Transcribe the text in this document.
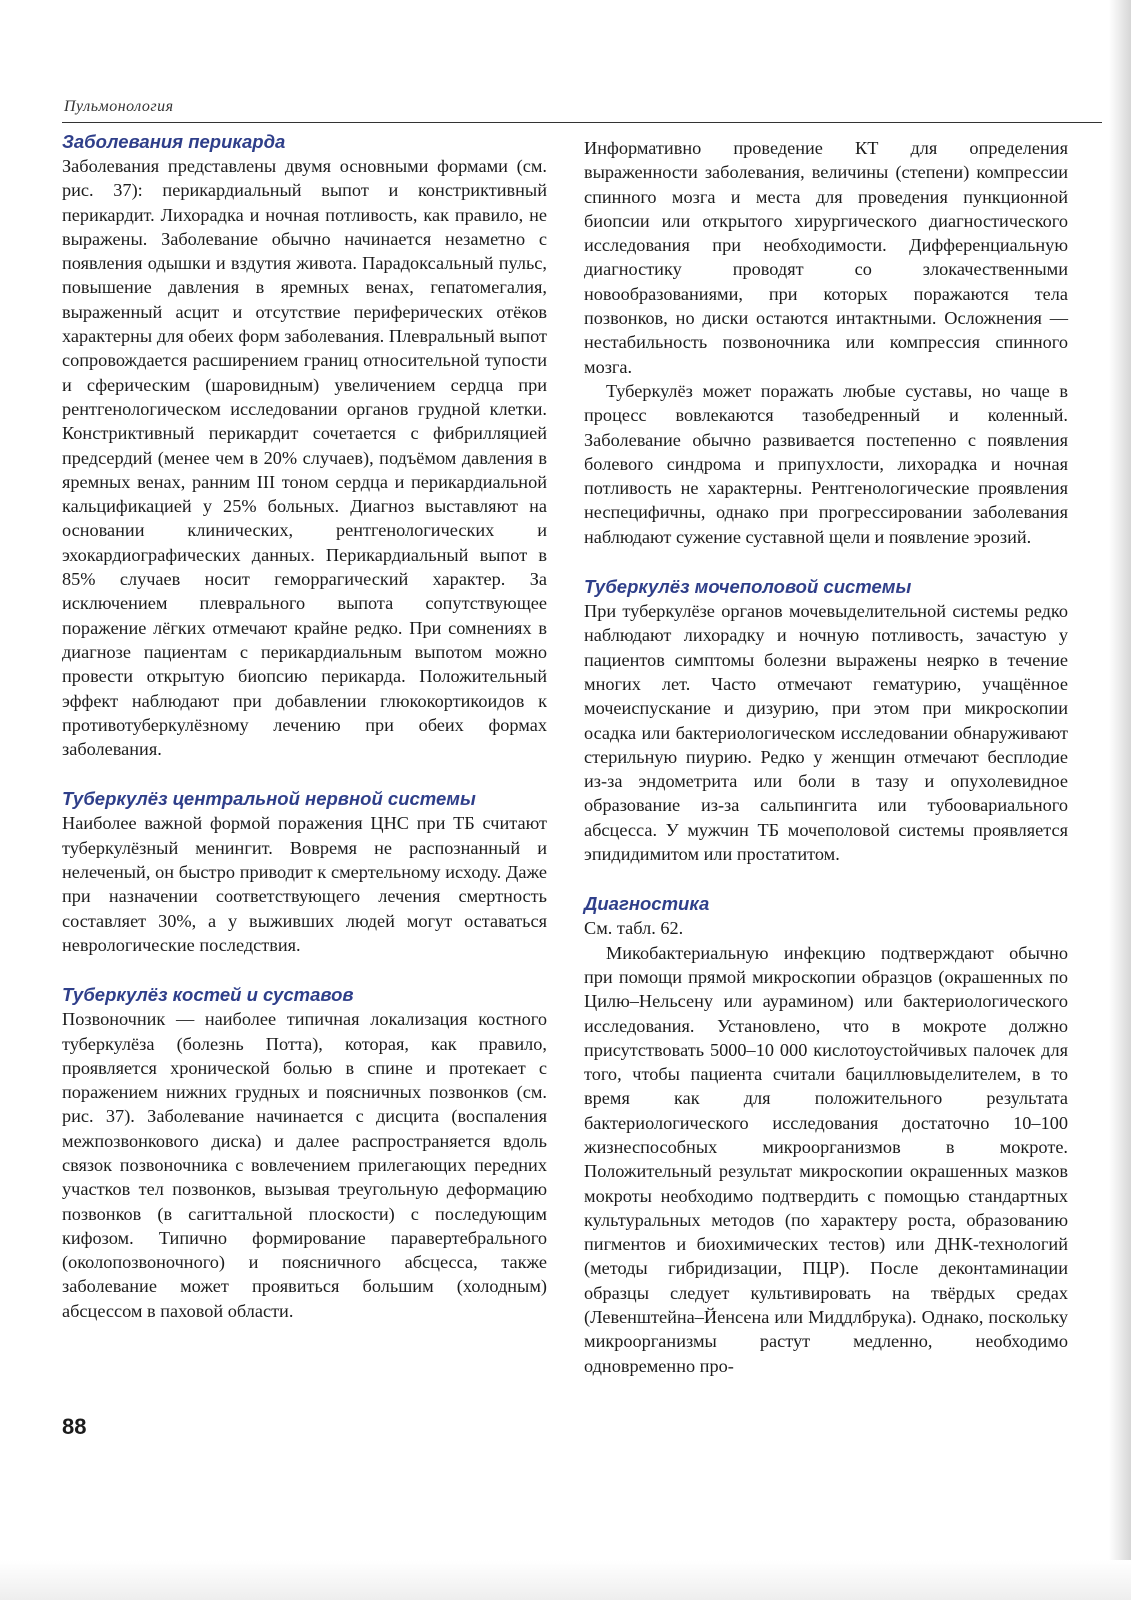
Пульмонология
Заболевания перикарда

Заболевания представлены двумя основными формами (см. рис. 37): перикардиальный выпот и констриктивный перикардит. Лихорадка и ночная потливость, как правило, не выражены. Заболевание обычно начинается незаметно с появления одышки и вздутия живота. Парадоксальный пульс, повышение давления в яремных венах, гепатомегалия, выраженный асцит и отсутствие периферических отёков характерны для обеих форм заболевания. Плевральный выпот сопровождается расширением границ относительной тупости и сферическим (шаровидным) увеличением сердца при рентгенологическом исследовании органов грудной клетки. Констриктивный перикардит сочетается с фибрилляцией предсердий (менее чем в 20% случаев), подъёмом давления в яремных венах, ранним III тоном сердца и перикардиальной кальцификацией у 25% больных. Диагноз выставляют на основании клинических, рентгенологических и эхокардиографических данных. Перикардиальный выпот в 85% случаев носит геморрагический характер. За исключением плеврального выпота сопутствующее поражение лёгких отмечают крайне редко. При сомнениях в диагнозе пациентам с перикардиальным выпотом можно провести открытую биопсию перикарда. Положительный эффект наблюдают при добавлении глюкокортикоидов к противотуберкулёзному лечению при обеих формах заболевания.

Туберкулёз центральной нервной системы

Наиболее важной формой поражения ЦНС при ТБ считают туберкулёзный менингит. Вовремя не распознанный и нелеченый, он быстро приводит к смертельному исходу. Даже при назначении соответствующего лечения смертность составляет 30%, а у выживших людей могут оставаться неврологические последствия.

Туберкулёз костей и суставов

Позвоночник — наиболее типичная локализация костного туберкулёза (болезнь Потта), которая, как правило, проявляется хронической болью в спине и протекает с поражением нижних грудных и поясничных позвонков (см. рис. 37). Заболевание начинается с дисцита (воспаления межпозвонкового диска) и далее распространяется вдоль связок позвоночника с вовлечением прилегающих передних участков тел позвонков, вызывая треугольную деформацию позвонков (в сагиттальной плоскости) с последующим кифозом. Типично формирование паравертебрального (околопозвоночного) и поясничного абсцесса, также заболевание может проявиться большим (холодным) абсцессом в паховой области.

Информативно проведение КТ для определения выраженности заболевания, величины (степени) компрессии спинного мозга и места для проведения пункционной биопсии или открытого хирургического диагностического исследования при необходимости. Дифференциальную диагностику проводят со злокачественными новообразованиями, при которых поражаются тела позвонков, но диски остаются интактными. Осложнения — нестабильность позвоночника или компрессия спинного мозга.

Туберкулёз может поражать любые суставы, но чаще в процесс вовлекаются тазобедренный и коленный. Заболевание обычно развивается постепенно с появления болевого синдрома и припухлости, лихорадка и ночная потливость не характерны. Рентгенологические проявления неспецифичны, однако при прогрессировании заболевания наблюдают сужение суставной щели и появление эрозий.

Туберкулёз мочеполовой системы

При туберкулёзе органов мочевыделительной системы редко наблюдают лихорадку и ночную потливость, зачастую у пациентов симптомы болезни выражены неярко в течение многих лет. Часто отмечают гематурию, учащённое мочеиспускание и дизурию, при этом при микроскопии осадка или бактериологическом исследовании обнаруживают стерильную пиурию. Редко у женщин отмечают бесплодие из-за эндометрита или боли в тазу и опухолевидное образование из-за сальпингита или тубоовариального абсцесса. У мужчин ТБ мочеполовой системы проявляется эпидидимитом или простатитом.

Диагностика

См. табл. 62.

Микобактериальную инфекцию подтверждают обычно при помощи прямой микроскопии образцов (окрашенных по Цилю–Нельсену или аурамином) или бактериологического исследования. Установлено, что в мокроте должно присутствовать 5000–10 000 кислотоустойчивых палочек для того, чтобы пациента считали бациллювыделителем, в то время как для положительного результата бактериологического исследования достаточно 10–100 жизнеспособных микроорганизмов в мокроте. Положительный результат микроскопии окрашенных мазков мокроты необходимо подтвердить с помощью стандартных культуральных методов (по характеру роста, образованию пигментов и биохимических тестов) или ДНК-технологий (методы гибридизации, ПЦР). После деконтаминации образцы следует культивировать на твёрдых средах (Левенштейна–Йенсена или Миддлбрука). Однако, поскольку микроорганизмы растут медленно, необходимо одновременно про-

88
